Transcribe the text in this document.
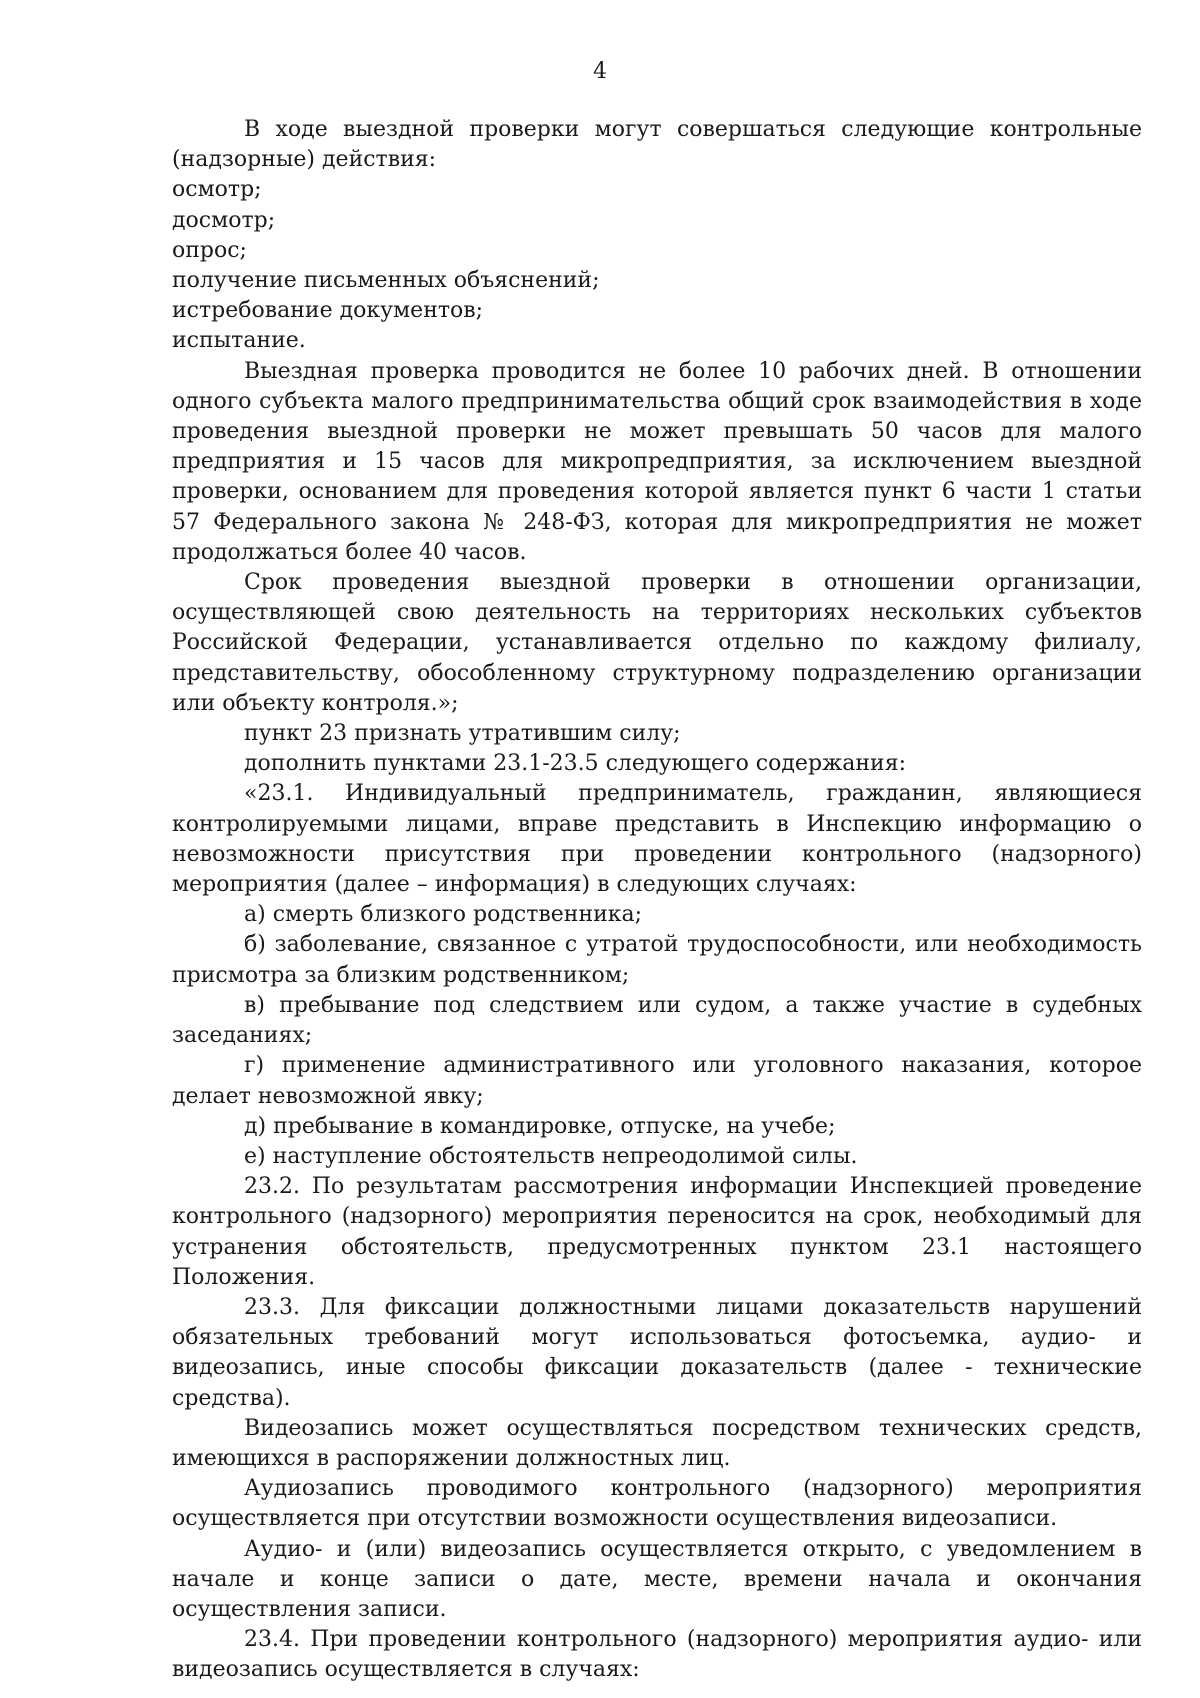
4

В ходе выездной проверки могут совершаться следующие контрольные (надзорные) действия:

осмотр;

досмотр;

опрос;

получение письменных объяснений;

истребование документов;

испытание.

Выездная проверка проводится не более 10 рабочих дней. В отношении одного субъекта малого предпринимательства общий срок взаимодействия в ходе проведения выездной проверки не может превышать 50 часов для малого предприятия и 15 часов для микропредприятия, за исключением выездной проверки, основанием для проведения которой является пункт 6 части 1 статьи 57 Федерального закона № 248-ФЗ, которая для микропредприятия не может продолжаться более 40 часов.

Срок проведения выездной проверки в отношении организации, осуществляющей свою деятельность на территориях нескольких субъектов Российской Федерации, устанавливается отдельно по каждому филиалу, представительству, обособленному структурному подразделению организации или объекту контроля.»;

пункт 23 признать утратившим силу;

дополнить пунктами 23.1-23.5 следующего содержания:

«23.1. Индивидуальный предприниматель, гражданин, являющиеся контролируемыми лицами, вправе представить в Инспекцию информацию о невозможности присутствия при проведении контрольного (надзорного) мероприятия (далее – информация) в следующих случаях:

а) смерть близкого родственника;

б) заболевание, связанное с утратой трудоспособности, или необходимость присмотра за близким родственником;

в) пребывание под следствием или судом, а также участие в судебных заседаниях;

г) применение административного или уголовного наказания, которое делает невозможной явку;

д) пребывание в командировке, отпуске, на учебе;

е) наступление обстоятельств непреодолимой силы.

23.2. По результатам рассмотрения информации Инспекцией проведение контрольного (надзорного) мероприятия переносится на срок, необходимый для устранения обстоятельств, предусмотренных пунктом 23.1 настоящего Положения.

23.3. Для фиксации должностными лицами доказательств нарушений обязательных требований могут использоваться фотосъемка, аудио- и видеозапись, иные способы фиксации доказательств (далее - технические средства).

Видеозапись может осуществляться посредством технических средств, имеющихся в распоряжении должностных лиц.

Аудиозапись проводимого контрольного (надзорного) мероприятия осуществляется при отсутствии возможности осуществления видеозаписи.

Аудио- и (или) видеозапись осуществляется открыто, с уведомлением в начале и конце записи о дате, месте, времени начала и окончания осуществления записи.

23.4. При проведении контрольного (надзорного) мероприятия аудио- или видеозапись осуществляется в случаях:
